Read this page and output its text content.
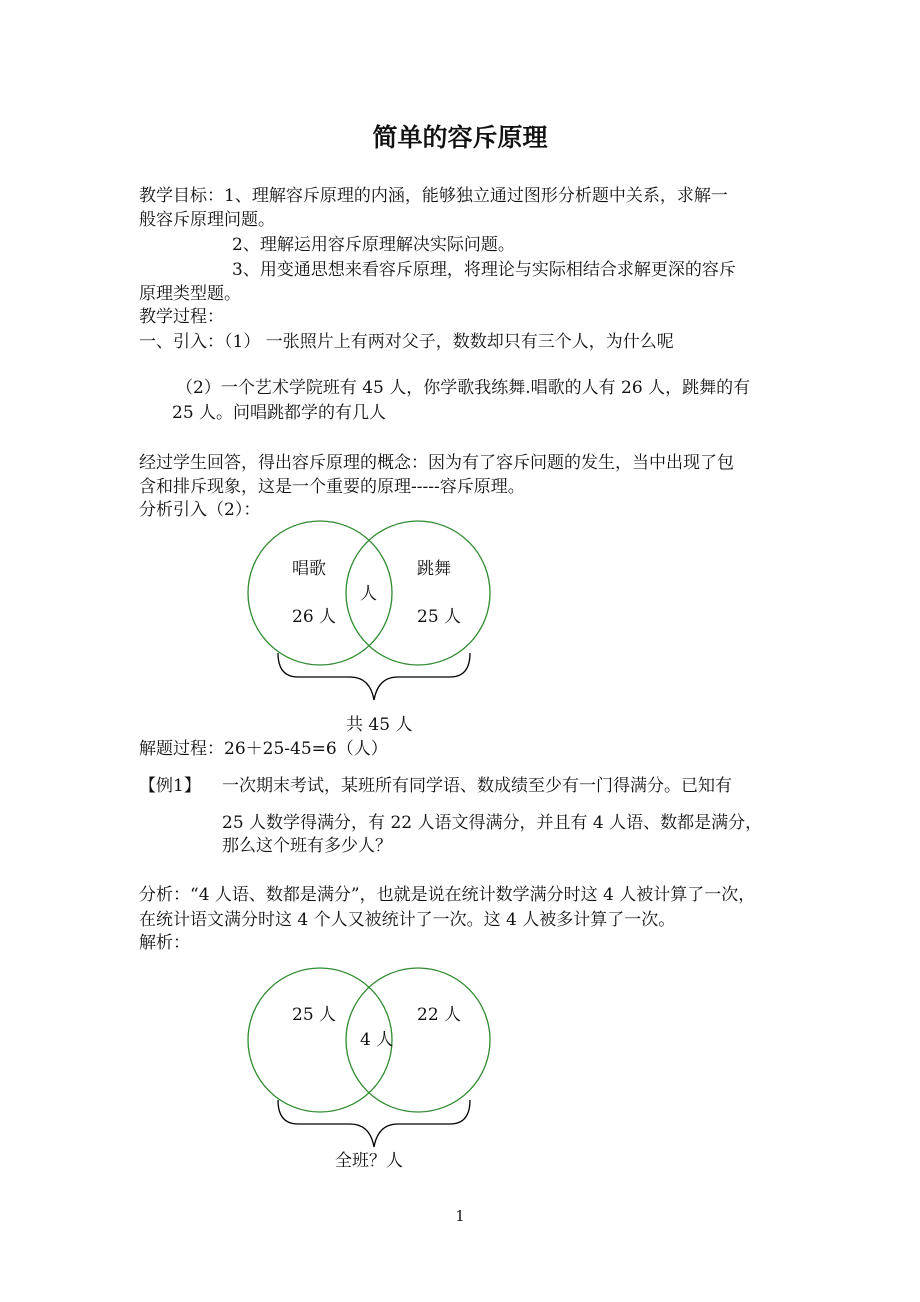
简单的容斥原理
教学目标：1、理解容斥原理的内涵，能够独立通过图形分析题中关系，求解一
般容斥原理问题。
2、理解运用容斥原理解决实际问题。
3、用变通思想来看容斥原理，将理论与实际相结合求解更深的容斥
原理类型题。
教学过程：
一、引入：（1） 一张照片上有两对父子，数数却只有三个人，为什么呢
（2）一个艺术学院班有 45 人，你学歌我练舞.唱歌的人有 26 人，跳舞的有
25 人。问唱跳都学的有几人
经过学生回答，得出容斥原理的概念：因为有了容斥问题的发生，当中出现了包
含和排斥现象，这是一个重要的原理-----容斥原理。
分析引入（2）：
唱歌	跳舞
人
26 人	25 人
共 45 人
解题过程：26＋25-45=6（人）
【例1】 一次期末考试，某班所有同学语、数成绩至少有一门得满分。已知有
25 人数学得满分，有 22 人语文得满分，并且有 4 人语、数都是满分，
那么这个班有多少人？
分析：“4 人语、数都是满分”，也就是说在统计数学满分时这 4 人被计算了一次，
在统计语文满分时这 4 个人又被统计了一次。这 4 人被多计算了一次。
解析：
25 人	22 人
4 人
全班？人
1
